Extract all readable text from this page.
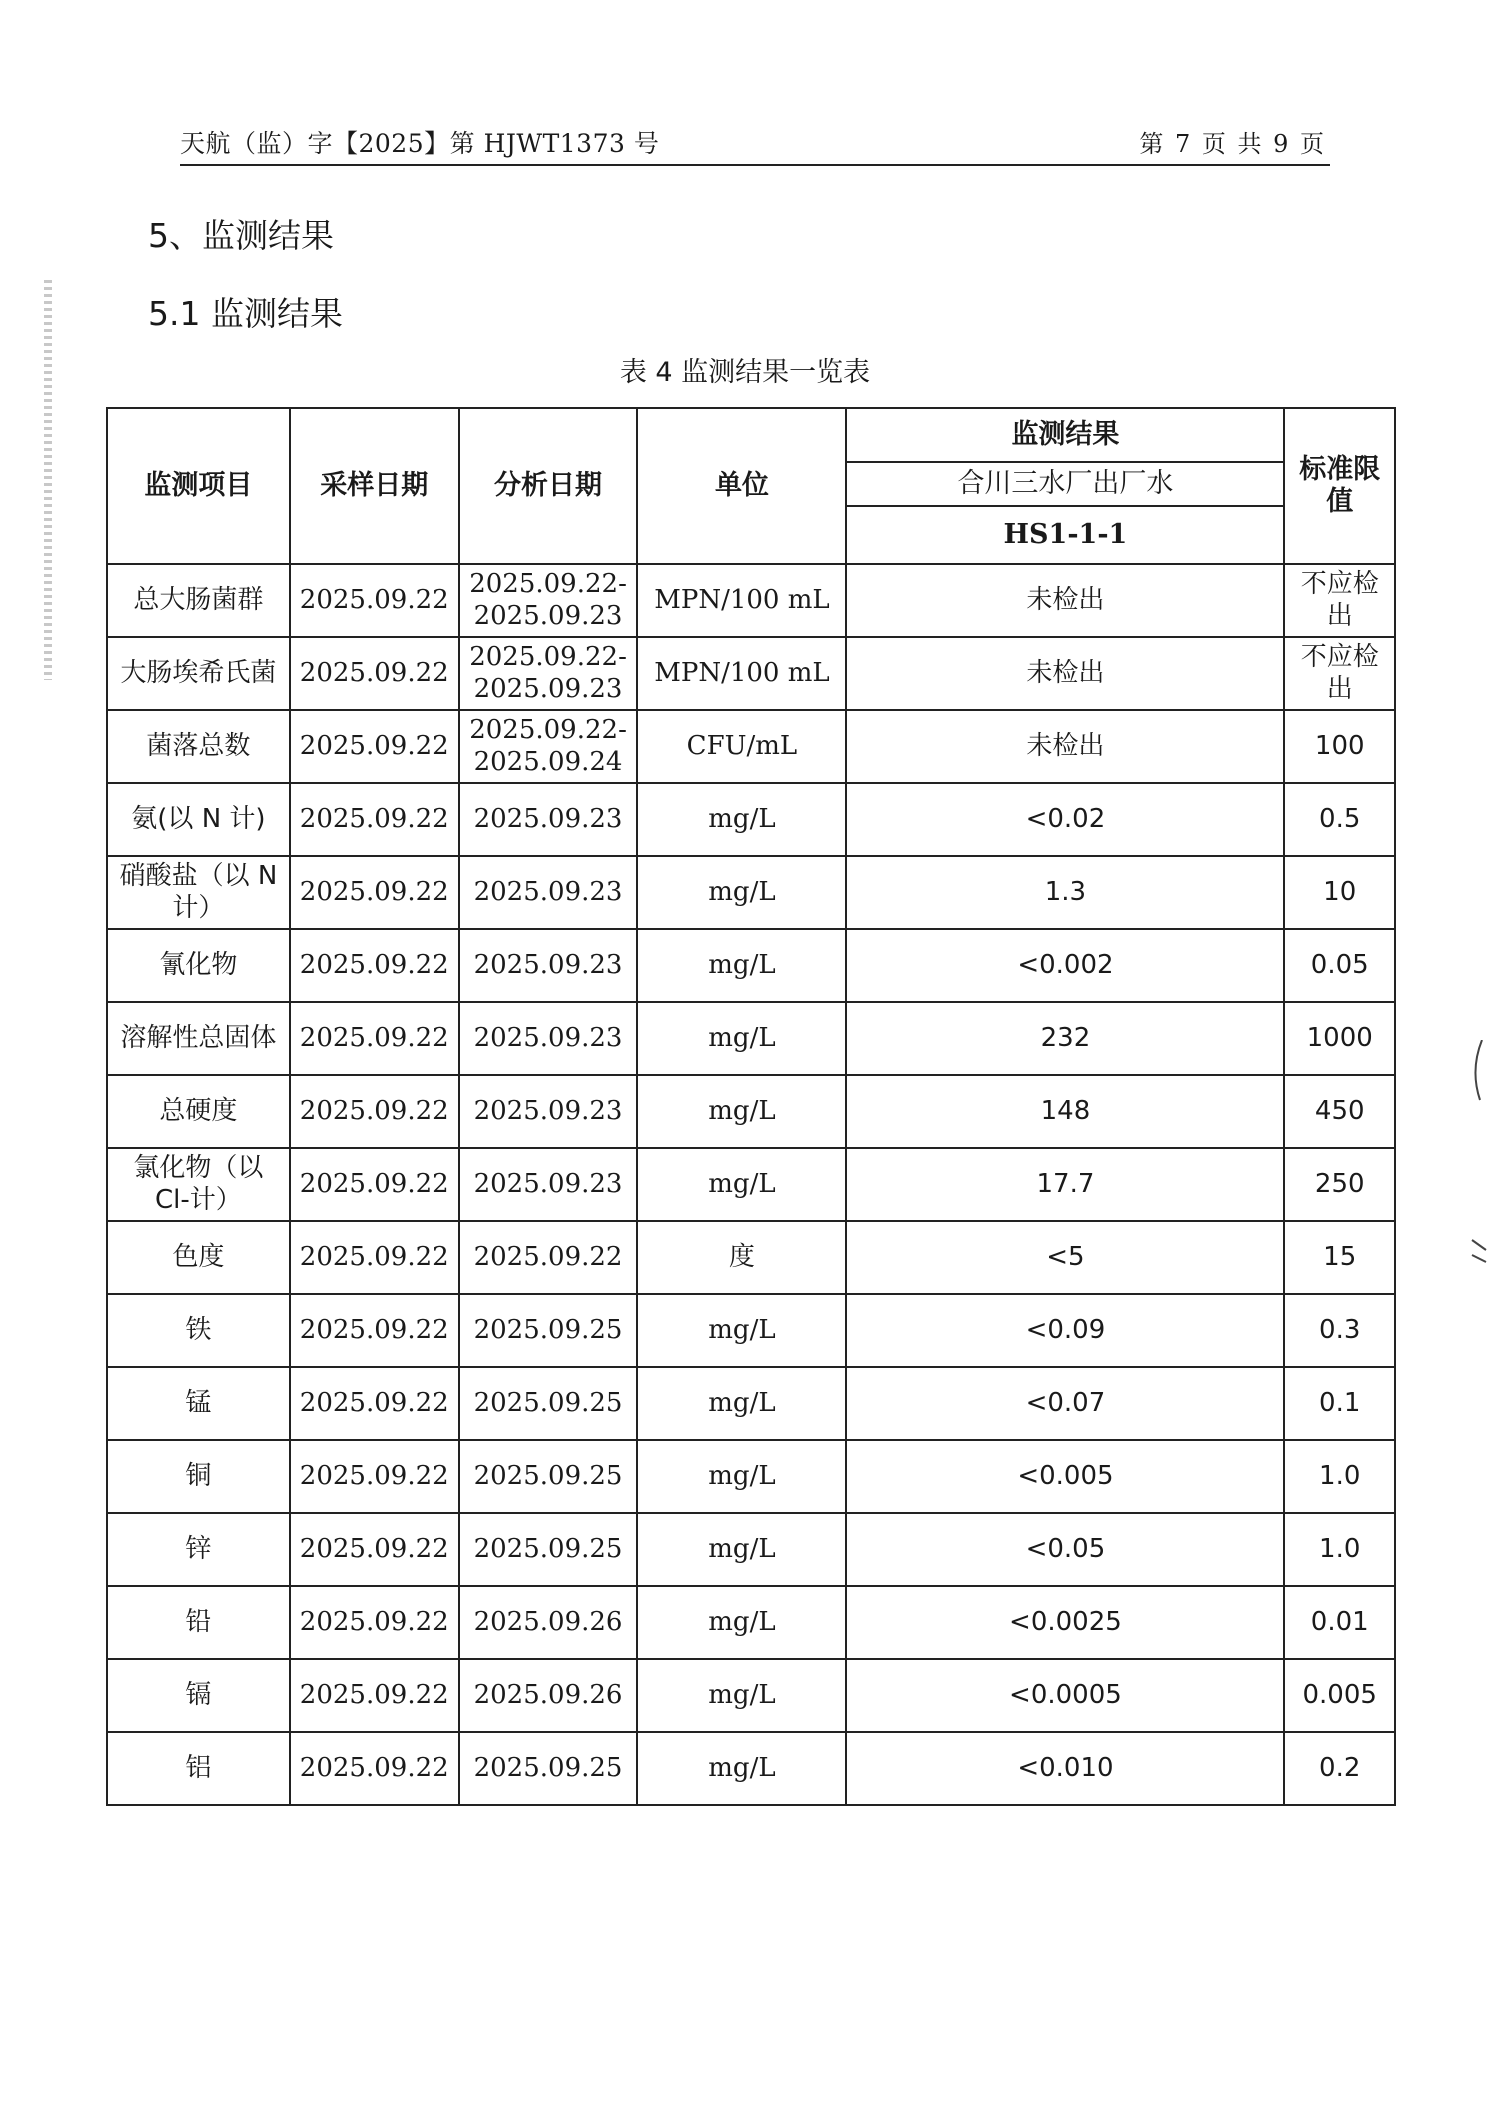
天航（监）字【2025】第 HJWT1373 号	第 7 页 共 9 页
5、监测结果
5.1 监测结果
表 4 监测结果一览表
监测项目	采样日期	分析日期	单位	监测结果	标准限值
				合川三水厂出厂水	
				HS1-1-1	
总大肠菌群	2025.09.22	2025.09.22-2025.09.23	MPN/100 mL	未检出	不应检出
大肠埃希氏菌	2025.09.22	2025.09.22-2025.09.23	MPN/100 mL	未检出	不应检出
菌落总数	2025.09.22	2025.09.22-2025.09.24	CFU/mL	未检出	100
氨(以 N 计)	2025.09.22	2025.09.23	mg/L	<0.02	0.5
硝酸盐（以 N 计）	2025.09.22	2025.09.23	mg/L	1.3	10
氰化物	2025.09.22	2025.09.23	mg/L	<0.002	0.05
溶解性总固体	2025.09.22	2025.09.23	mg/L	232	1000
总硬度	2025.09.22	2025.09.23	mg/L	148	450
氯化物（以 Cl-计）	2025.09.22	2025.09.23	mg/L	17.7	250
色度	2025.09.22	2025.09.22	度	<5	15
铁	2025.09.22	2025.09.25	mg/L	<0.09	0.3
锰	2025.09.22	2025.09.25	mg/L	<0.07	0.1
铜	2025.09.22	2025.09.25	mg/L	<0.005	1.0
锌	2025.09.22	2025.09.25	mg/L	<0.05	1.0
铅	2025.09.22	2025.09.26	mg/L	<0.0025	0.01
镉	2025.09.22	2025.09.26	mg/L	<0.0005	0.005
铝	2025.09.22	2025.09.25	mg/L	<0.010	0.2
